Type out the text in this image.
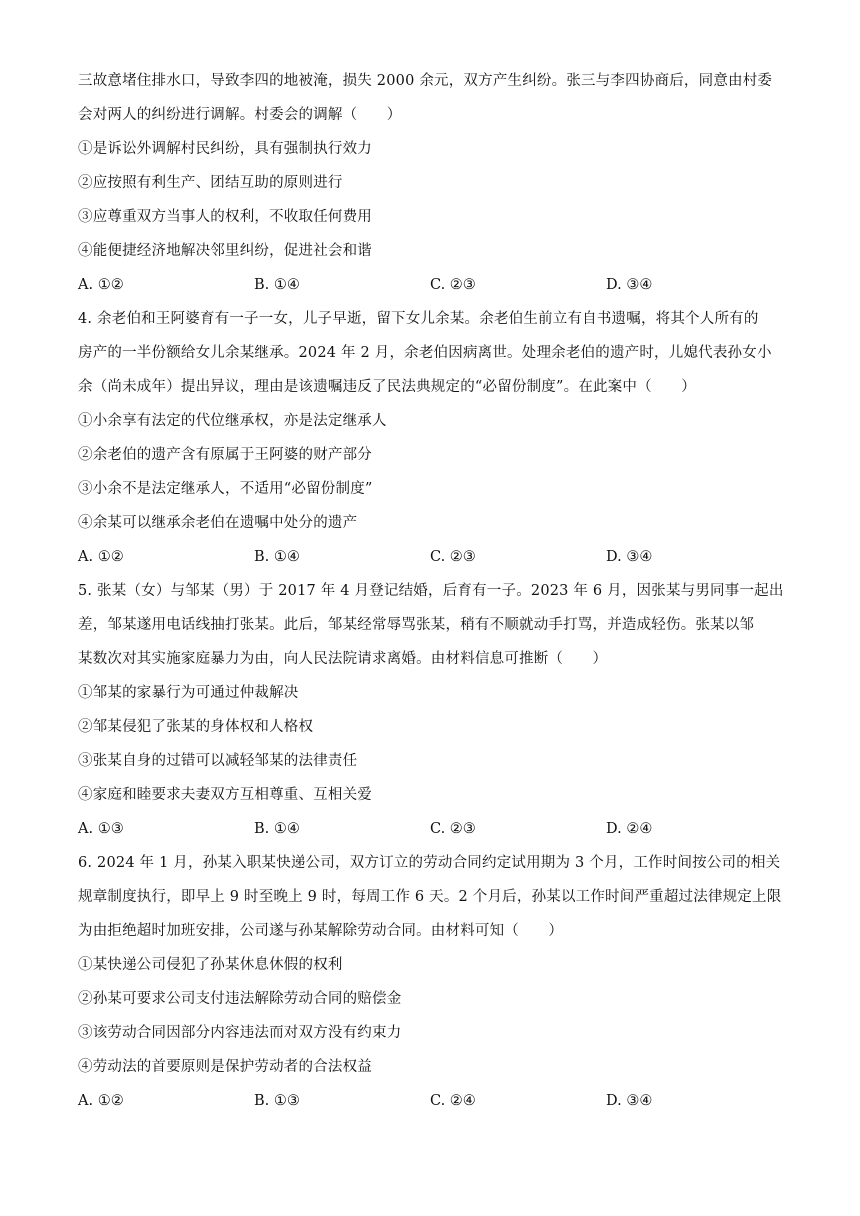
三故意堵住排水口，导致李四的地被淹，损失 2000 余元，双方产生纠纷。张三与李四协商后，同意由村委
会对两人的纠纷进行调解。村委会的调解（　　）
①是诉讼外调解村民纠纷，具有强制执行效力
②应按照有利生产、团结互助的原则进行
③应尊重双方当事人的权利，不收取任何费用
④能便捷经济地解决邻里纠纷，促进社会和谐
A. ①②	B. ①④	C. ②③	D. ③④
4. 余老伯和王阿婆育有一子一女，儿子早逝，留下女儿余某。余老伯生前立有自书遗嘱，将其个人所有的
房产的一半份额给女儿余某继承。2024 年 2 月，余老伯因病离世。处理余老伯的遗产时，儿媳代表孙女小
余（尚未成年）提出异议，理由是该遗嘱违反了民法典规定的“必留份制度”。在此案中（　　）
①小余享有法定的代位继承权，亦是法定继承人
②余老伯的遗产含有原属于王阿婆的财产部分
③小余不是法定继承人，不适用“必留份制度”
④余某可以继承余老伯在遗嘱中处分的遗产
A. ①②	B. ①④	C. ②③	D. ③④
5. 张某（女）与邹某（男）于 2017 年 4 月登记结婚，后育有一子。2023 年 6 月，因张某与男同事一起出
差，邹某遂用电话线抽打张某。此后，邹某经常辱骂张某，稍有不顺就动手打骂，并造成轻伤。张某以邹
某数次对其实施家庭暴力为由，向人民法院请求离婚。由材料信息可推断（　　）
①邹某的家暴行为可通过仲裁解决
②邹某侵犯了张某的身体权和人格权
③张某自身的过错可以减轻邹某的法律责任
④家庭和睦要求夫妻双方互相尊重、互相关爱
A. ①③	B. ①④	C. ②③	D. ②④
6. 2024 年 1 月，孙某入职某快递公司，双方订立的劳动合同约定试用期为 3 个月，工作时间按公司的相关
规章制度执行，即早上 9 时至晚上 9 时，每周工作 6 天。2 个月后，孙某以工作时间严重超过法律规定上限
为由拒绝超时加班安排，公司遂与孙某解除劳动合同。由材料可知（　　）
①某快递公司侵犯了孙某休息休假的权利
②孙某可要求公司支付违法解除劳动合同的赔偿金
③该劳动合同因部分内容违法而对双方没有约束力
④劳动法的首要原则是保护劳动者的合法权益
A. ①②	B. ①③	C. ②④	D. ③④
